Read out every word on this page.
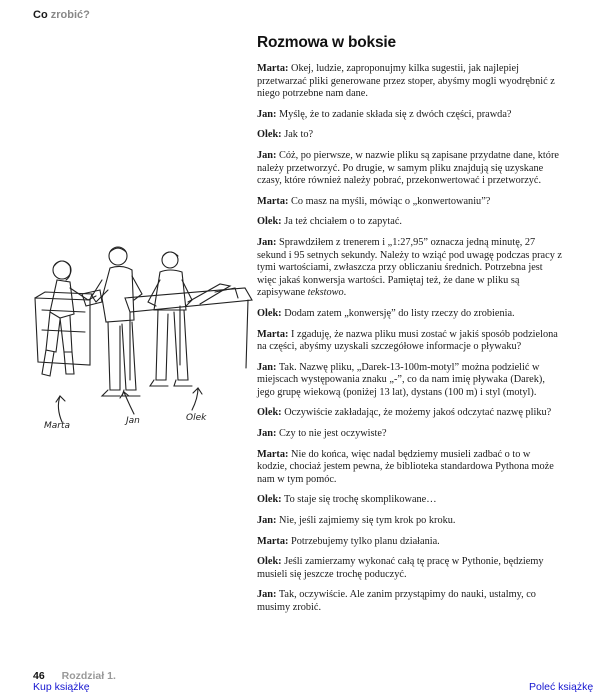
Co zrobić?
Marta	Jan	Olek
Rozmowa w boksie

Marta: Okej, ludzie, zaproponujmy kilka sugestii, jak najlepiej przetwarzać pliki generowane przez stoper, abyśmy mogli wyodrębnić z niego potrzebne nam dane.

Jan: Myślę, że to zadanie składa się z dwóch części, prawda?

Olek: Jak to?

Jan: Cóż, po pierwsze, w nazwie pliku są zapisane przydatne dane, które należy przetworzyć. Po drugie, w samym pliku znajdują się uzyskane czasy, które również należy pobrać, przekonwertować i przetworzyć.

Marta: Co masz na myśli, mówiąc o „konwertowaniu”?

Olek: Ja też chciałem o to zapytać.

Jan: Sprawdziłem z trenerem i „1:27,95” oznacza jedną minutę, 27 sekund i 95 setnych sekundy. Należy to wziąć pod uwagę podczas pracy z tymi wartościami, zwłaszcza przy obliczaniu średnich. Potrzebna jest więc jakaś konwersja wartości. Pamiętaj też, że dane w pliku są zapisywane tekstowo.

Olek: Dodam zatem „konwersję” do listy rzeczy do zrobienia.

Marta: I zgaduję, że nazwa pliku musi zostać w jakiś sposób podzielona na części, abyśmy uzyskali szczegółowe informacje o pływaku?

Jan: Tak. Nazwę pliku, „Darek-13-100m-motyl” można podzielić w miejscach występowania znaku „-”, co da nam imię pływaka (Darek), jego grupę wiekową (poniżej 13 lat), dystans (100 m) i styl (motyl).

Olek: Oczywiście zakładając, że możemy jakoś odczytać nazwę pliku?

Jan: Czy to nie jest oczywiste?

Marta: Nie do końca, więc nadal będziemy musieli zadbać o to w kodzie, chociaż jestem pewna, że biblioteka standardowa Pythona może nam w tym pomóc.

Olek: To staje się trochę skomplikowane…

Jan: Nie, jeśli zajmiemy się tym krok po kroku.

Marta: Potrzebujemy tylko planu działania.

Olek: Jeśli zamierzamy wykonać całą tę pracę w Pythonie, będziemy musieli się jeszcze trochę poduczyć.

Jan: Tak, oczywiście. Ale zanim przystąpimy do nauki, ustalmy, co musimy zrobić.

46 Rozdział 1.
Kup książkę	Poleć książkę
